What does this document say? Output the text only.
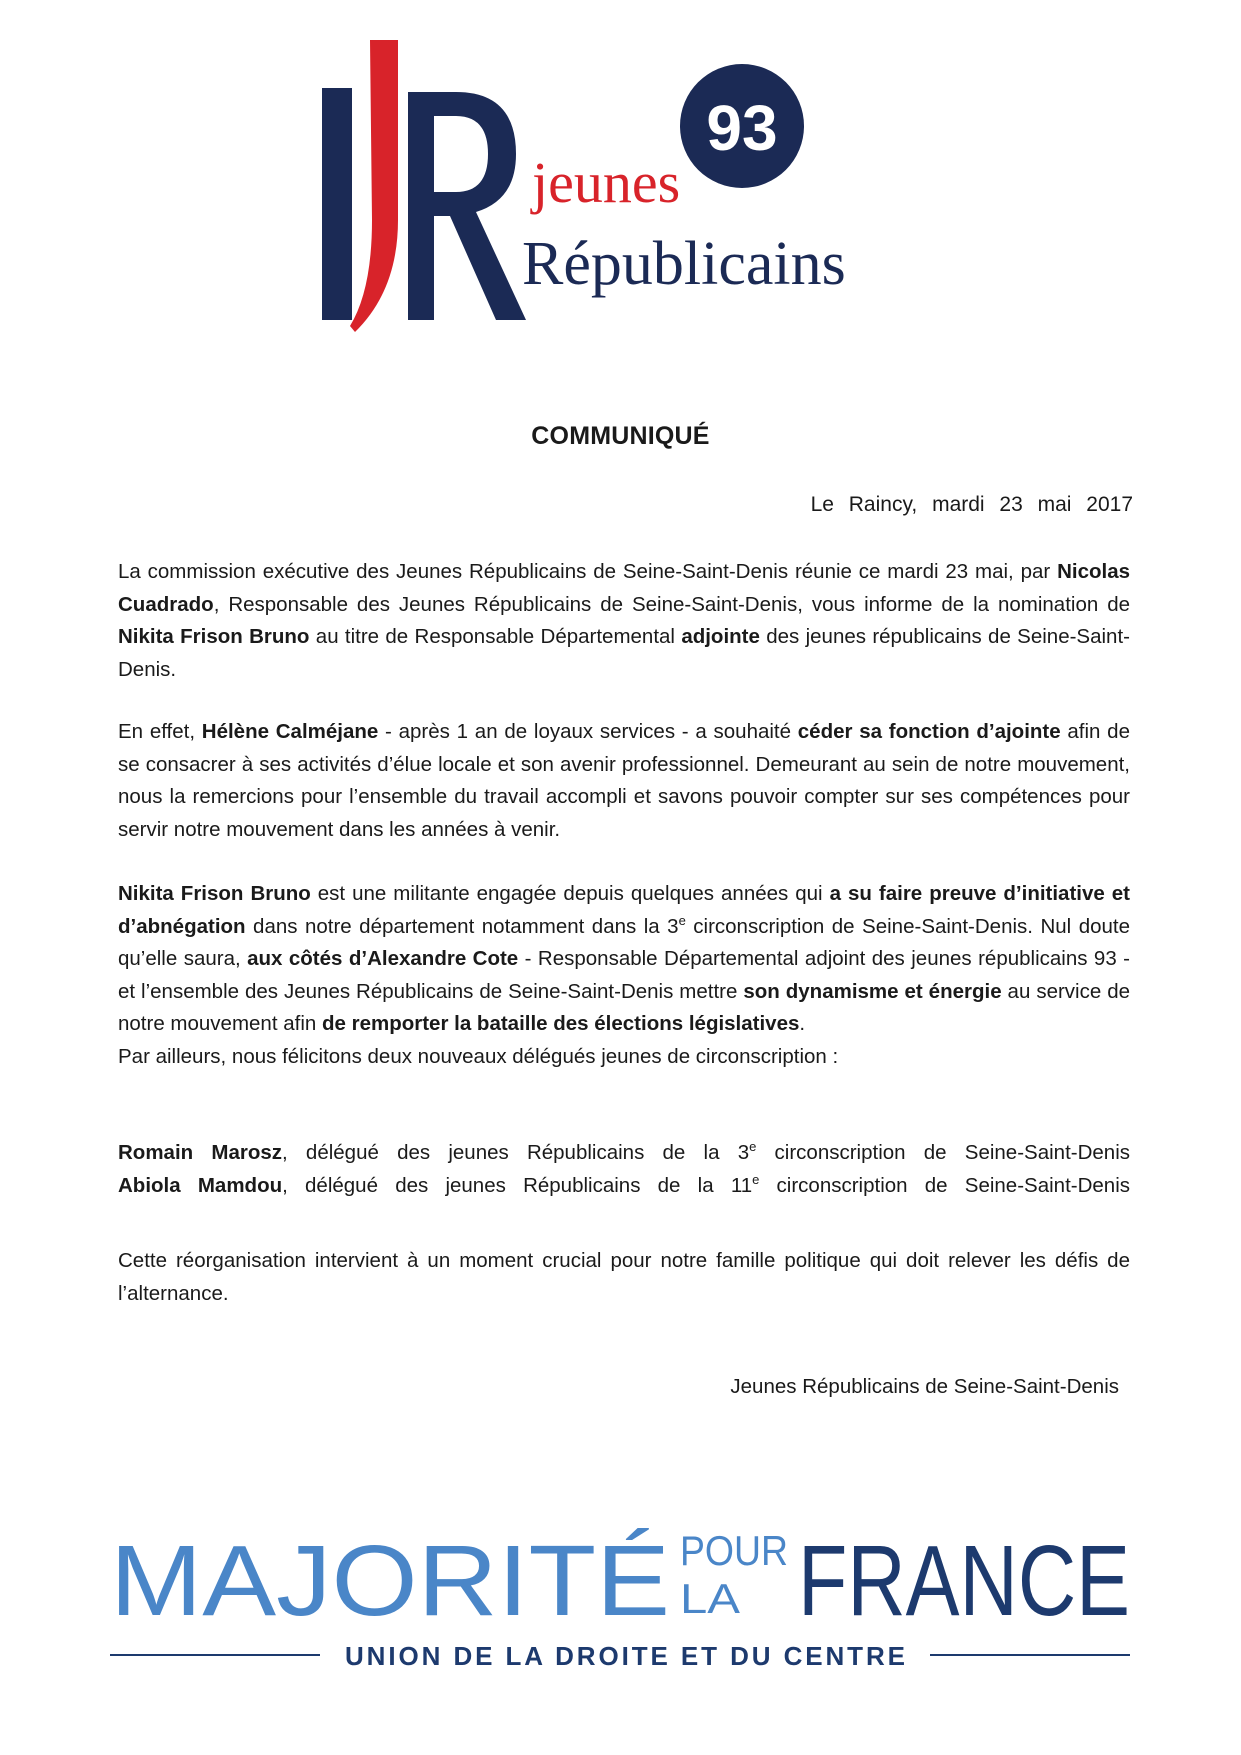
93
jeunes
Républicains
COMMUNIQUÉ
Le Raincy, mardi 23 mai 2017

La commission exécutive des Jeunes Républicains de Seine-Saint-Denis réunie ce mardi 23 mai, par Nicolas Cuadrado, Responsable des Jeunes Républicains de Seine-Saint-Denis, vous informe de la nomination de Nikita Frison Bruno au titre de Responsable Départemental adjointe des jeunes républicains de Seine-Saint-Denis.

En effet, Hélène Calméjane - après 1 an de loyaux services - a souhaité céder sa fonction d’ajointe afin de se consacrer à ses activités d’élue locale et son avenir professionnel. Demeurant au sein de notre mouvement, nous la remercions pour l’ensemble du travail accompli et savons pouvoir compter sur ses compétences pour servir notre mouvement dans les années à venir.

Nikita Frison Bruno est une militante engagée depuis quelques années qui a su faire preuve d’initiative et d’abnégation dans notre département notamment dans la 3e circonscription de Seine-Saint-Denis. Nul doute qu’elle saura, aux côtés d’Alexandre Cote - Responsable Départemental adjoint des jeunes républicains 93 - et l’ensemble des Jeunes Républicains de Seine-Saint-Denis mettre son dynamisme et énergie au service de notre mouvement afin de remporter la bataille des élections législatives.

Par ailleurs, nous félicitons deux nouveaux délégués jeunes de circonscription :

Romain Marosz, délégué des jeunes Républicains de la 3e circonscription de Seine-Saint-Denis

Abiola Mamdou, délégué des jeunes Républicains de la 11e circonscription de Seine-Saint-Denis

Cette réorganisation intervient à un moment crucial pour notre famille politique qui doit relever les défis de l’alternance.

Jeunes Républicains de Seine-Saint-Denis
MAJORITÉ POUR
LA FRANCE
UNION DE LA DROITE ET DU CENTRE
